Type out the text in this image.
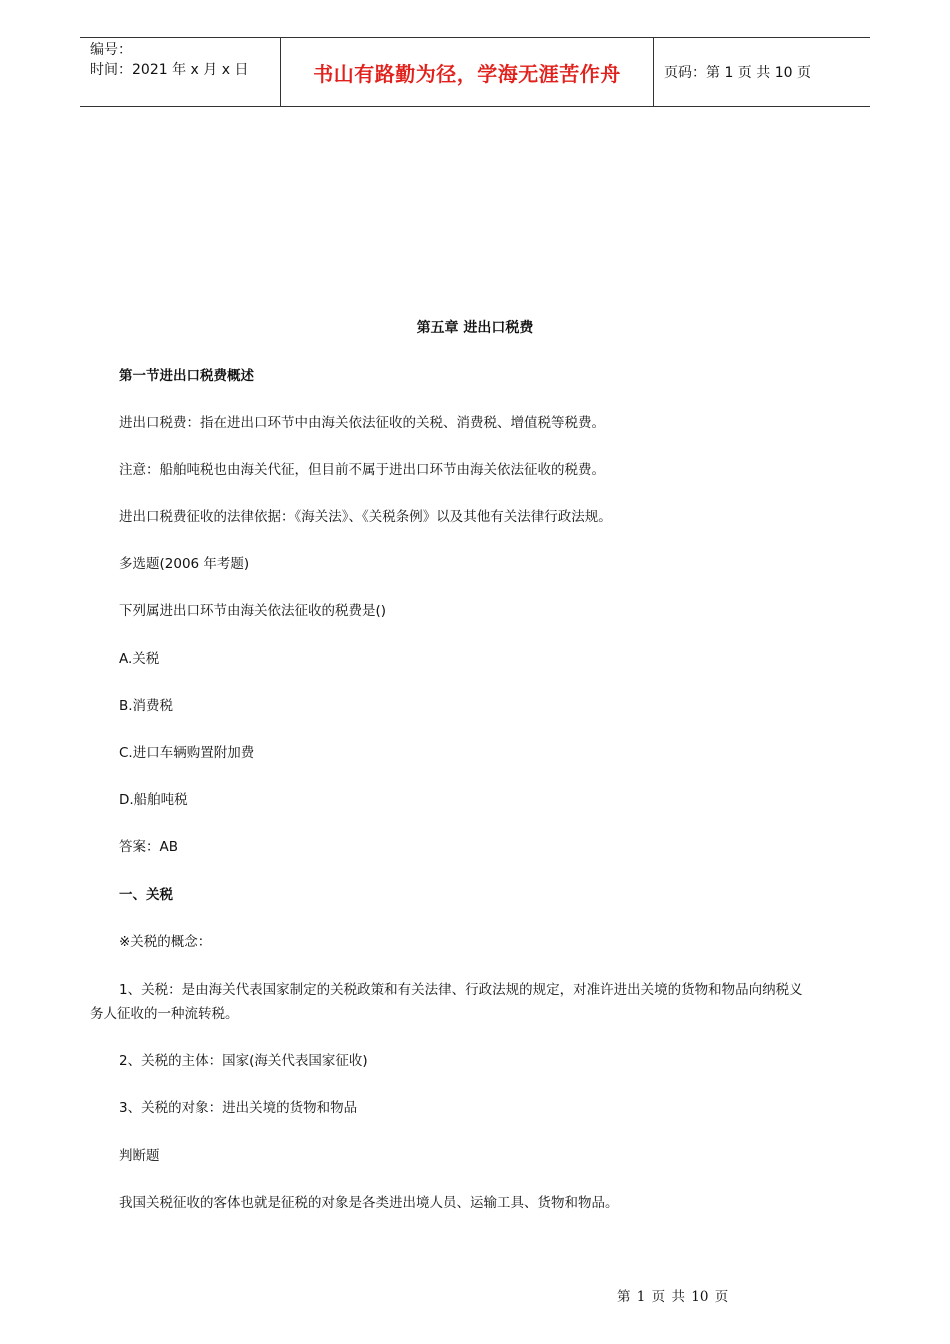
编号：
时间：2021 年 x 月 x 日	书山有路勤为径，学海无涯苦作舟	页码：第 1 页 共 10 页
第五章 进出口税费
第一节进出口税费概述
进出口税费：指在进出口环节中由海关依法征收的关税、消费税、增值税等税费。
注意：船舶吨税也由海关代征，但目前不属于进出口环节由海关依法征收的税费。
进出口税费征收的法律依据：《海关法》、《关税条例》以及其他有关法律行政法规。
多选题(2006 年考题)
下列属进出口环节由海关依法征收的税费是()
A.关税
B.消费税
C.进口车辆购置附加费
D.船舶吨税
答案：AB
一、关税
※关税的概念：
1、关税：是由海关代表国家制定的关税政策和有关法律、行政法规的规定，对准许进出关境的货物和物品向纳税义
务人征收的一种流转税。
2、关税的主体：国家(海关代表国家征收)
3、关税的对象：进出关境的货物和物品
判断题
我国关税征收的客体也就是征税的对象是各类进出境人员、运输工具、货物和物品。
第 1 页 共 10 页
